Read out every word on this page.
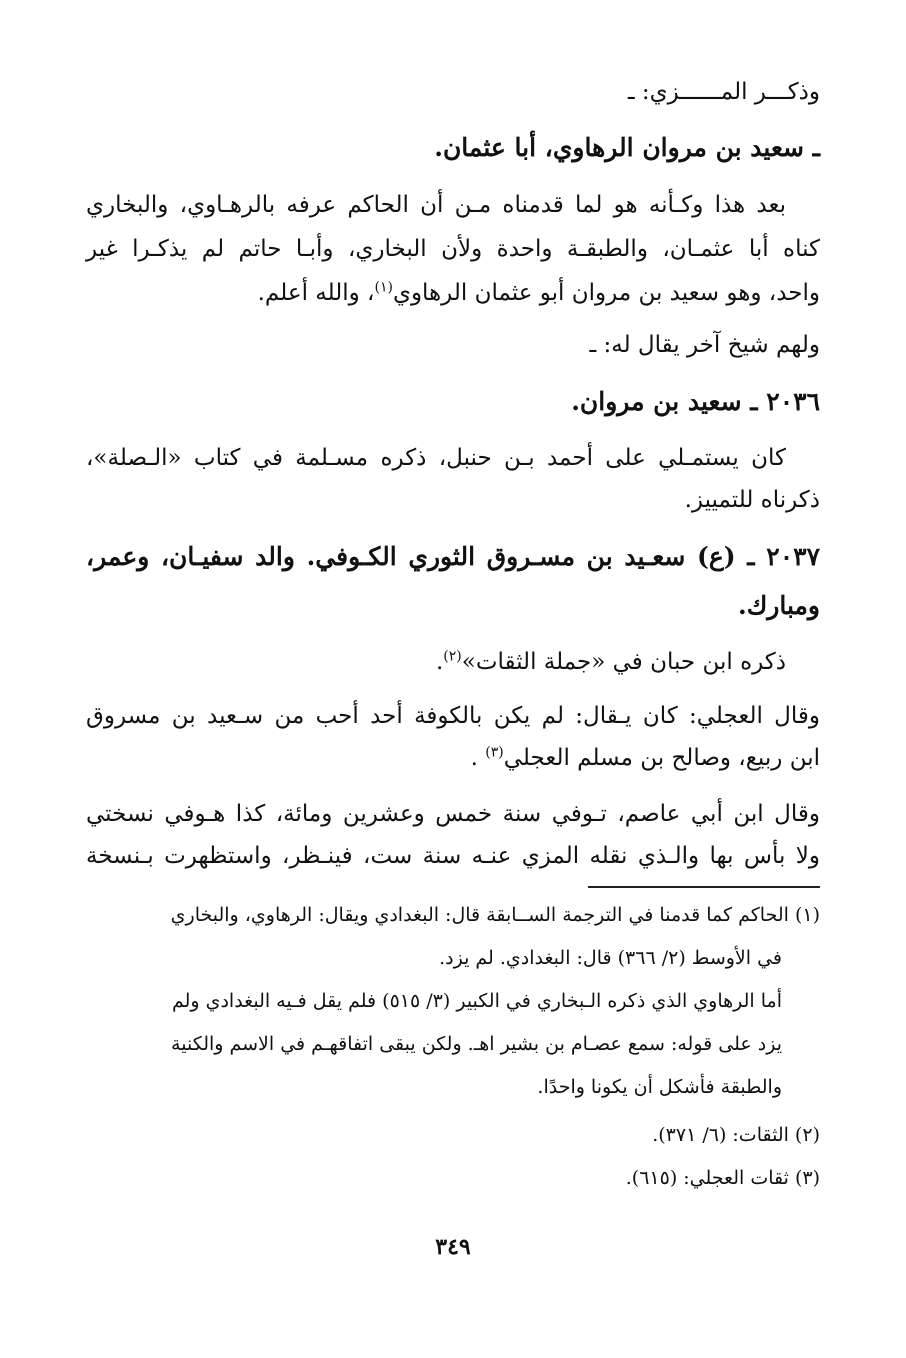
وذكـــر المــــــزي: ـ
ـ سعيد بن مروان الرهاوي، أبا عثمان.
بعد هذا وكـأنه هو لما قدمناه مـن أن الحاكم عرفه بالرهـاوي، والبخاري
كناه أبا عثمـان، والطبقـة واحدة ولأن البخاري، وأبـا حاتم لم يذكـرا غير
واحد، وهو سعيد بن مروان أبو عثمان الرهاوي$^{(١)}$، والله أعلم.
ولهم شيخ آخر يقال له: ـ
٢٠٣٦ ـ سعيد بن مروان.
كان يستمـلي على أحمد بـن حنبل، ذكره مسـلمة في كتاب «الـصلة»،
ذكرناه للتمييز.
٢٠٣٧ ـ (ع) سعـيد بن مسـروق الثوري الكـوفي. والد سفيـان، وعمر،
ومبارك.
ذكره ابن حبان في «جملة الثقات»$^{(٢)}$.
وقال العجلي: كان يـقال: لم يكن بالكوفة أحد أحب من سـعيد بن مسروق
ابن ربيع، وصالح بن مسلم العجلي$^{(٣)}$ .
وقال ابن أبي عاصم، تـوفي سنة خمس وعشرين ومائة، كذا هـوفي نسختي
ولا بأس بها والـذي نقله المزي عنـه سنة ست، فينـظر، واستظهرت بـنسخة
(١) الحاكم كما قدمنا في الترجمة الســابقة قال: البغدادي ويقال: الرهاوي، والبخاري
في الأوسط (٢/ ٣٦٦) قال: البغدادي. لم يزد.
أما الرهاوي الذي ذكره الـبخاري في الكبير (٣/ ٥١٥) فلم يقل فـيه البغدادي ولم
يزد على قوله: سمع عصـام بن بشير اهـ. ولكن يبقى اتفاقهـم في الاسم والكنية
والطبقة فأشكل أن يكونا واحدًا.
(٢) الثقات: (٦/ ٣٧١).
(٣) ثقات العجلي: (٦١٥).
٣٤٩
